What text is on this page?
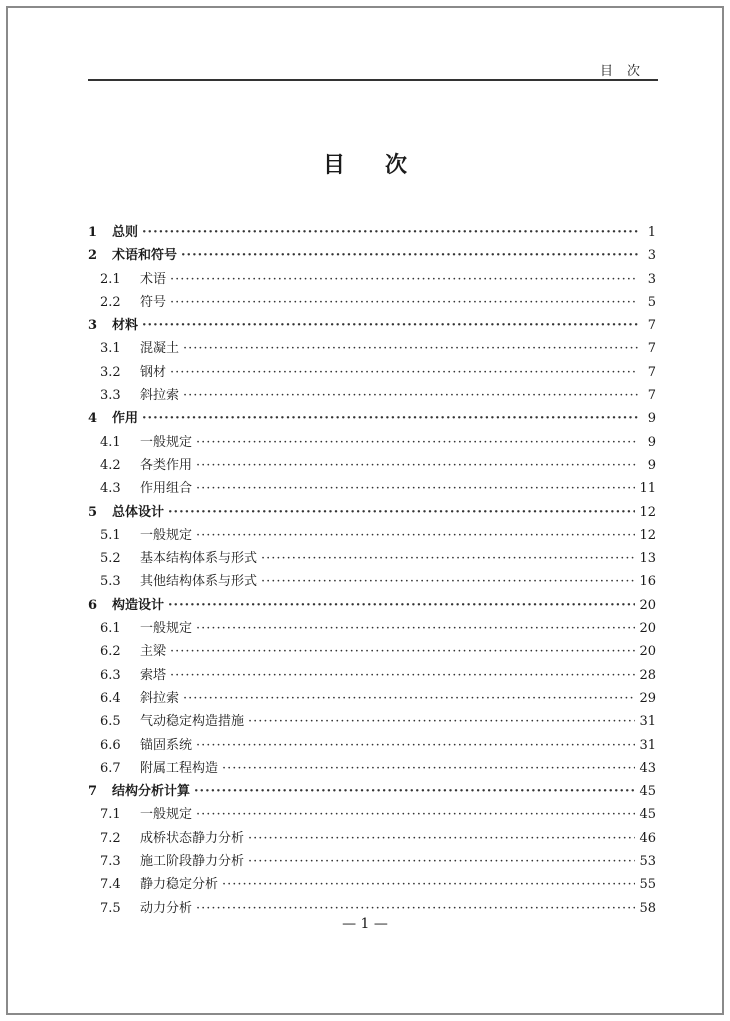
目次
目次
1	总则 ·····	1
2	术语和符号 ·····	3
2.1	术语 ·····	3
2.2	符号 ·····	5
3	材料 ·····	7
3.1	混凝土 ·····	7
3.2	钢材 ·····	7
3.3	斜拉索 ·····	7
4	作用 ·····	9
4.1	一般规定 ·····	9
4.2	各类作用 ·····	9
4.3	作用组合 ·····	11
5	总体设计 ·····	12
5.1	一般规定 ·····	12
5.2	基本结构体系与形式 ·····	13
5.3	其他结构体系与形式 ·····	16
6	构造设计 ·····	20
6.1	一般规定 ·····	20
6.2	主梁 ·····	20
6.3	索塔 ·····	28
6.4	斜拉索 ·····	29
6.5	气动稳定构造措施 ·····	31
6.6	锚固系统 ·····	31
6.7	附属工程构造 ·····	43
7	结构分析计算 ·····	45
7.1	一般规定 ·····	45
7.2	成桥状态静力分析 ·····	46
7.3	施工阶段静力分析 ·····	53
7.4	静力稳定分析 ·····	55
7.5	动力分析 ·····	58
— 1 —
